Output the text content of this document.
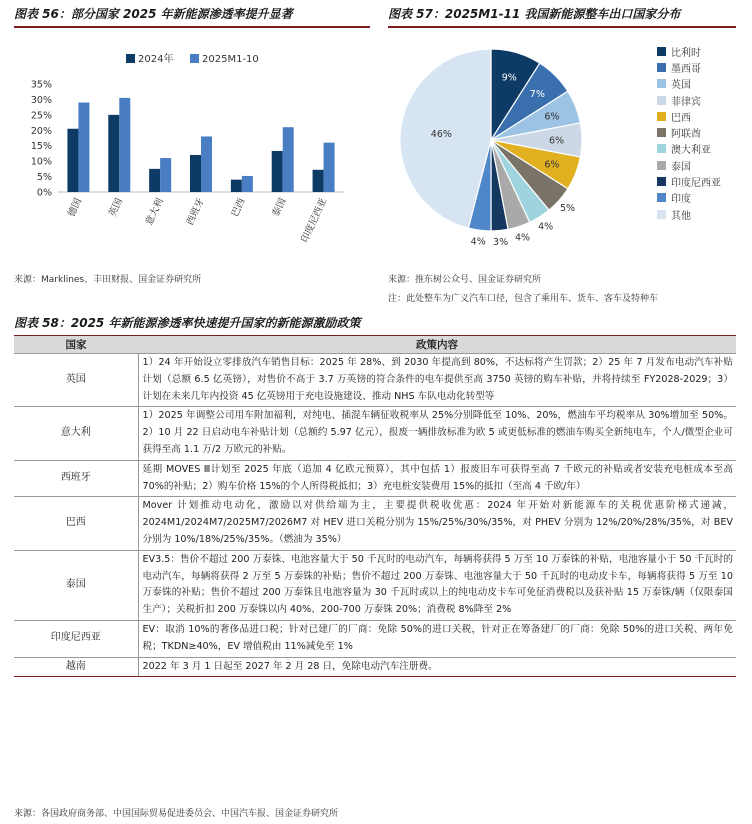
图表 56：部分国家 2025 年新能源渗透率提升显著	图表 57：2025M1-11 我国新能源整车出口国家分布
2024年	2025M1-10
0%
5%
10%
15%
20%
25%
30%
35%
德国 英国 意大利 西班牙 巴西 泰国 印度尼西亚
9%
7%
6%
6%
6%
5%
4%
4%
3%
4%
46%
比利时
墨西哥
英国
菲律宾
巴西
阿联酋
澳大利亚
泰国
印度尼西亚
印度
其他
来源：Marklines、丰田财报、国金证券研究所	来源：推东树公众号、国金证券研究所
注：此处整车为广义汽车口径，包含了乘用车、货车、客车及特种车
图表 58：2025 年新能源渗透率快速提升国家的新能源激励政策
国家	政策内容
英国	1）24 年开始设立零排放汽车销售目标：2025 年 28%、到 2030 年提高到 80%，不达标将产生罚款；2）25 年 7 月发布电动汽车补贴计划（总额 6.5 亿英镑），对售价不高于 3.7 万英镑的符合条件的电车提供至高 3750 英镑的购车补贴，并将持续至 FY2028-2029；3）计划在未来几年内投资 45 亿英镑用于充电设施建设、推动 NHS 车队电动化转型等
意大利	1）2025 年调整公司用车附加福利，对纯电、插混车辆征收税率从 25%分别降低至 10%、20%，燃油车平均税率从 30%增加至 50%。2）10 月 22 日启动电车补贴计划（总额约 5.97 亿元），报废一辆排放标准为欧 5 或更低标准的燃油车购买全新纯电车，个人/微型企业可获得至高 1.1 万/2 万欧元的补贴。
西班牙	延期 MOVES Ⅲ计划至 2025 年底（追加 4 亿欧元预算），其中包括 1）报废旧车可获得至高 7 千欧元的补贴或者安装充电桩成本至高 70%的补贴；2）购车价格 15%的个人所得税抵扣；3）充电桩安装费用 15%的抵扣（至高 4 千欧/年）
巴西	Mover 计划推动电动化，激励以对供给端为主，主要提供税收优惠：2024 年开始对新能源车的关税优惠阶梯式递减，2024M1/2024M7/2025M7/2026M7 对 HEV 进口关税分别为 15%/25%/30%/35%，对 PHEV 分别为 12%/20%/28%/35%，对 BEV 分别为 10%/18%/25%/35%。（燃油为 35%）
泰国	EV3.5：售价不超过 200 万泰铢、电池容量大于 50 千瓦时的电动汽车，每辆将获得 5 万至 10 万泰铢的补贴，电池容量小于 50 千瓦时的电动汽车，每辆将获得 2 万至 5 万泰铢的补贴；售价不超过 200 万泰铢、电池容量大于 50 千瓦时的电动皮卡车，每辆将获得 5 万至 10 万泰铢的补贴；售价不超过 200 万泰铢且电池容量为 30 千瓦时或以上的纯电动皮卡车可免征消费税以及获补贴 15 万泰铢/辆（仅限泰国生产）；关税折扣 200 万泰铢以内 40%、200-700 万泰铢 20%；消费税 8%降至 2%
印度尼西亚	EV：取消 10%的奢侈品进口税；针对已建厂的厂商：免除 50%的进口关税，针对正在筹备建厂的厂商：免除 50%的进口关税、两年免税；TKDN≥40%，EV 增值税由 11%减免至 1%
越南	2022 年 3 月 1 日起至 2027 年 2 月 28 日，免除电动汽车注册费。
来源：各国政府商务部、中国国际贸易促进委员会、中国汽车报、国金证券研究所
